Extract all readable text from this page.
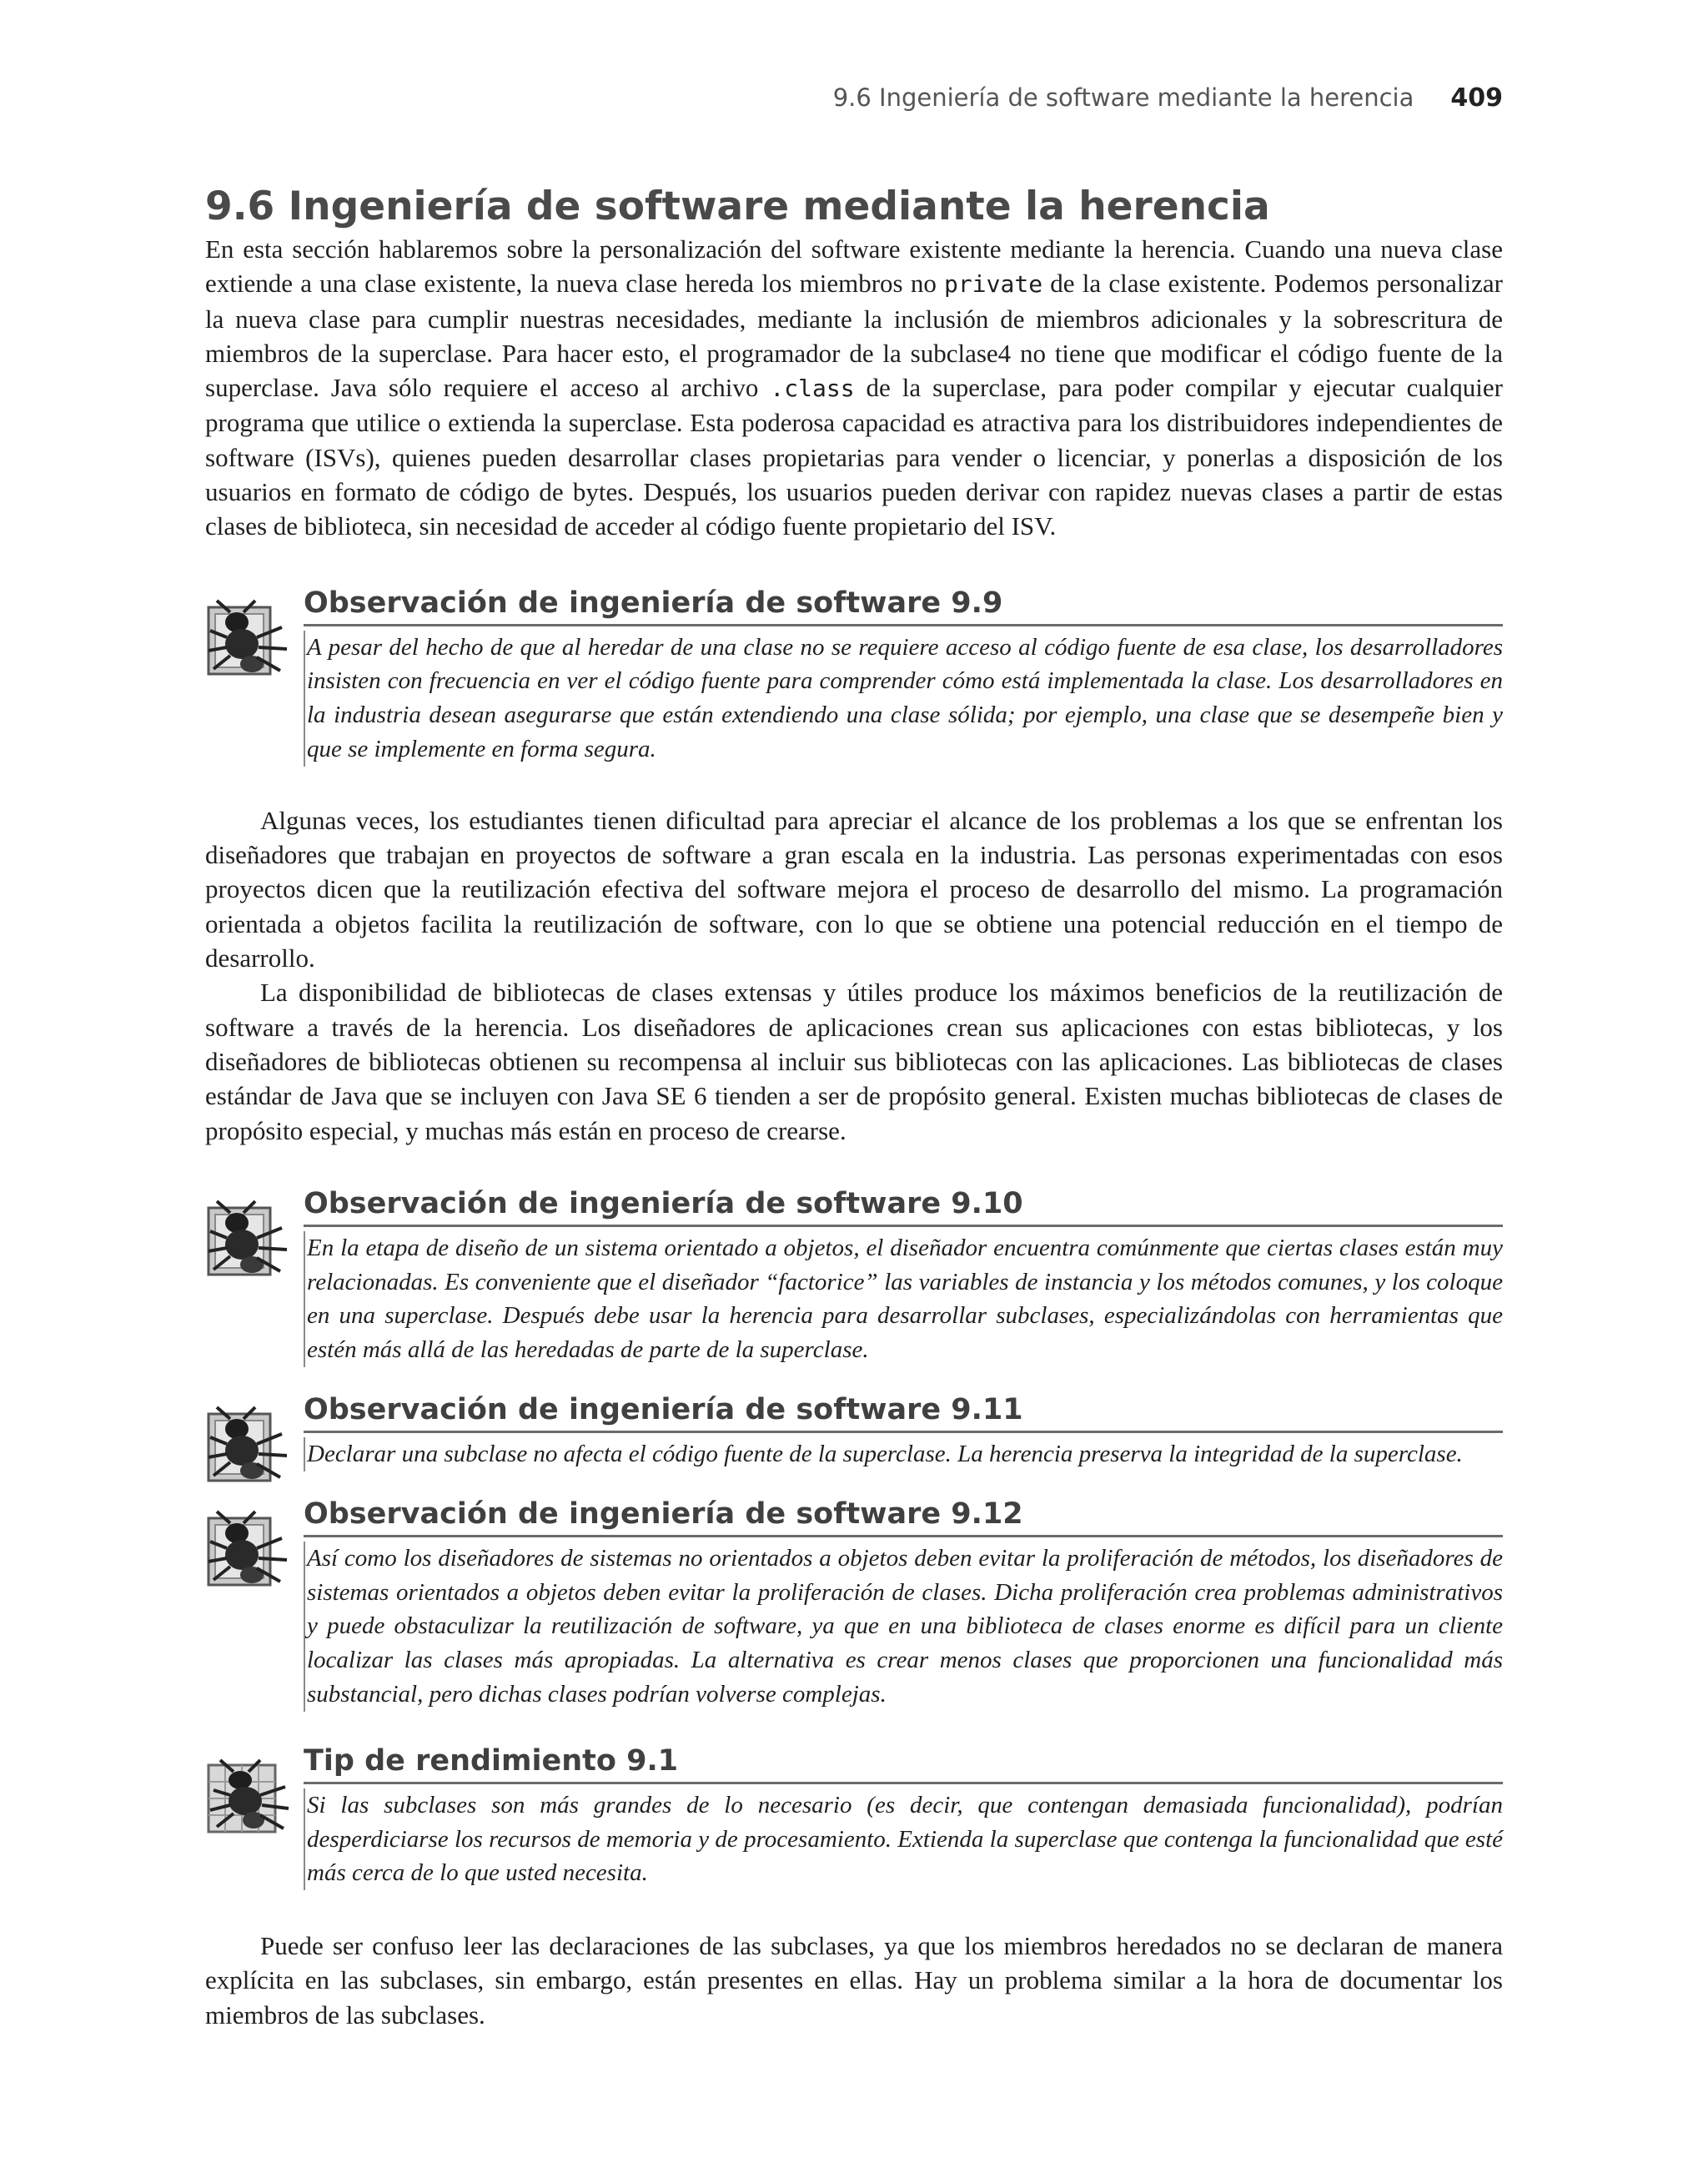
9.6 Ingeniería de software mediante la herencia 409
9.6 Ingeniería de software mediante la herencia

En esta sección hablaremos sobre la personalización del software existente mediante la herencia. Cuando una nueva clase extiende a una clase existente, la nueva clase hereda los miembros no private de la clase existente. Podemos personalizar la nueva clase para cumplir nuestras necesidades, mediante la inclusión de miembros adicionales y la sobrescritura de miembros de la superclase. Para hacer esto, el programador de la subclase4 no tiene que modificar el código fuente de la superclase. Java sólo requiere el acceso al archivo .class de la superclase, para poder compilar y ejecutar cualquier programa que utilice o extienda la superclase. Esta poderosa capacidad es atractiva para los distribuidores independientes de software (ISVs), quienes pueden desarrollar clases propietarias para vender o licenciar, y ponerlas a disposición de los usuarios en formato de código de bytes. Después, los usuarios pueden derivar con rapidez nuevas clases a partir de estas clases de biblioteca, sin necesidad de acceder al código fuente propietario del ISV.

Observación de ingeniería de software 9.9

A pesar del hecho de que al heredar de una clase no se requiere acceso al código fuente de esa clase, los desarrolladores insisten con frecuencia en ver el código fuente para comprender cómo está implementada la clase. Los desarrolladores en la industria desean asegurarse que están extendiendo una clase sólida; por ejemplo, una clase que se desempeñe bien y que se implemente en forma segura.

Algunas veces, los estudiantes tienen dificultad para apreciar el alcance de los problemas a los que se enfrentan los diseñadores que trabajan en proyectos de software a gran escala en la industria. Las personas experimentadas con esos proyectos dicen que la reutilización efectiva del software mejora el proceso de desarrollo del mismo. La programación orientada a objetos facilita la reutilización de software, con lo que se obtiene una potencial reducción en el tiempo de desarrollo.

La disponibilidad de bibliotecas de clases extensas y útiles produce los máximos beneficios de la reutilización de software a través de la herencia. Los diseñadores de aplicaciones crean sus aplicaciones con estas bibliotecas, y los diseñadores de bibliotecas obtienen su recompensa al incluir sus bibliotecas con las aplicaciones. Las bibliotecas de clases estándar de Java que se incluyen con Java SE 6 tienden a ser de propósito general. Existen muchas bibliotecas de clases de propósito especial, y muchas más están en proceso de crearse.

Observación de ingeniería de software 9.10

En la etapa de diseño de un sistema orientado a objetos, el diseñador encuentra comúnmente que ciertas clases están muy relacionadas. Es conveniente que el diseñador “factorice” las variables de instancia y los métodos comunes, y los coloque en una superclase. Después debe usar la herencia para desarrollar subclases, especializándolas con herramientas que estén más allá de las heredadas de parte de la superclase.

Observación de ingeniería de software 9.11

Declarar una subclase no afecta el código fuente de la superclase. La herencia preserva la integridad de la superclase.

Observación de ingeniería de software 9.12

Así como los diseñadores de sistemas no orientados a objetos deben evitar la proliferación de métodos, los diseñadores de sistemas orientados a objetos deben evitar la proliferación de clases. Dicha proliferación crea problemas administrativos y puede obstaculizar la reutilización de software, ya que en una biblioteca de clases enorme es difícil para un cliente localizar las clases más apropiadas. La alternativa es crear menos clases que proporcionen una funcionalidad más substancial, pero dichas clases podrían volverse complejas.

Tip de rendimiento 9.1

Si las subclases son más grandes de lo necesario (es decir, que contengan demasiada funcionalidad), podrían desperdiciarse los recursos de memoria y de procesamiento. Extienda la superclase que contenga la funcionalidad que esté más cerca de lo que usted necesita.

Puede ser confuso leer las declaraciones de las subclases, ya que los miembros heredados no se declaran de manera explícita en las subclases, sin embargo, están presentes en ellas. Hay un problema similar a la hora de documentar los miembros de las subclases.
